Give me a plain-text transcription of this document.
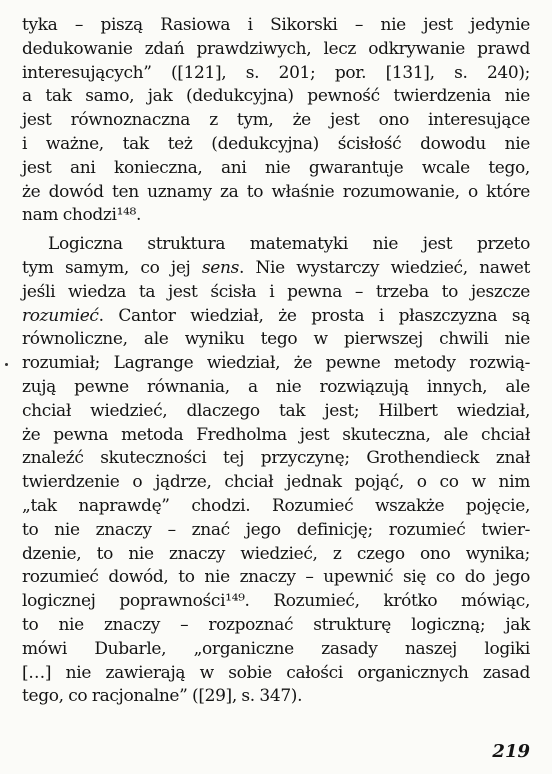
tyka – piszą Rasiowa i Sikorski – nie jest jedynie
dedukowanie zdań prawdziwych, lecz odkrywanie prawd
interesujących” ([121], s. 201; por. [131], s. 240);
a tak samo, jak (dedukcyjna) pewność twierdzenia nie
jest równoznaczna z tym, że jest ono interesujące
i ważne, tak też (dedukcyjna) ścisłość dowodu nie
jest ani konieczna, ani nie gwarantuje wcale tego,
że dowód ten uznamy za to właśnie rozumowanie, o które
nam chodzi¹⁴⁸.
Logiczna struktura matematyki nie jest przeto
tym samym, co jej sens. Nie wystarczy wiedzieć, nawet
jeśli wiedza ta jest ścisła i pewna – trzeba to jeszcze
rozumieć. Cantor wiedział, że prosta i płaszczyzna są
równoliczne, ale wyniku tego w pierwszej chwili nie
rozumiał; Lagrange wiedział, że pewne metody rozwią-
zują pewne równania, a nie rozwiązują innych, ale
chciał wiedzieć, dlaczego tak jest; Hilbert wiedział,
że pewna metoda Fredholma jest skuteczna, ale chciał
znaleźć skuteczności tej przyczynę; Grothendieck znał
twierdzenie o jądrze, chciał jednak pojąć, o co w nim
„tak naprawdę” chodzi. Rozumieć wszakże pojęcie,
to nie znaczy – znać jego definicję; rozumieć twier-
dzenie, to nie znaczy wiedzieć, z czego ono wynika;
rozumieć dowód, to nie znaczy – upewnić się co do jego
logicznej poprawności¹⁴⁹. Rozumieć, krótko mówiąc,
to nie znaczy – rozpoznać strukturę logiczną; jak
mówi Dubarle, „organiczne zasady naszej logiki
[…] nie zawierają w sobie całości organicznych zasad
tego, co racjonalne” ([29], s. 347).
219
